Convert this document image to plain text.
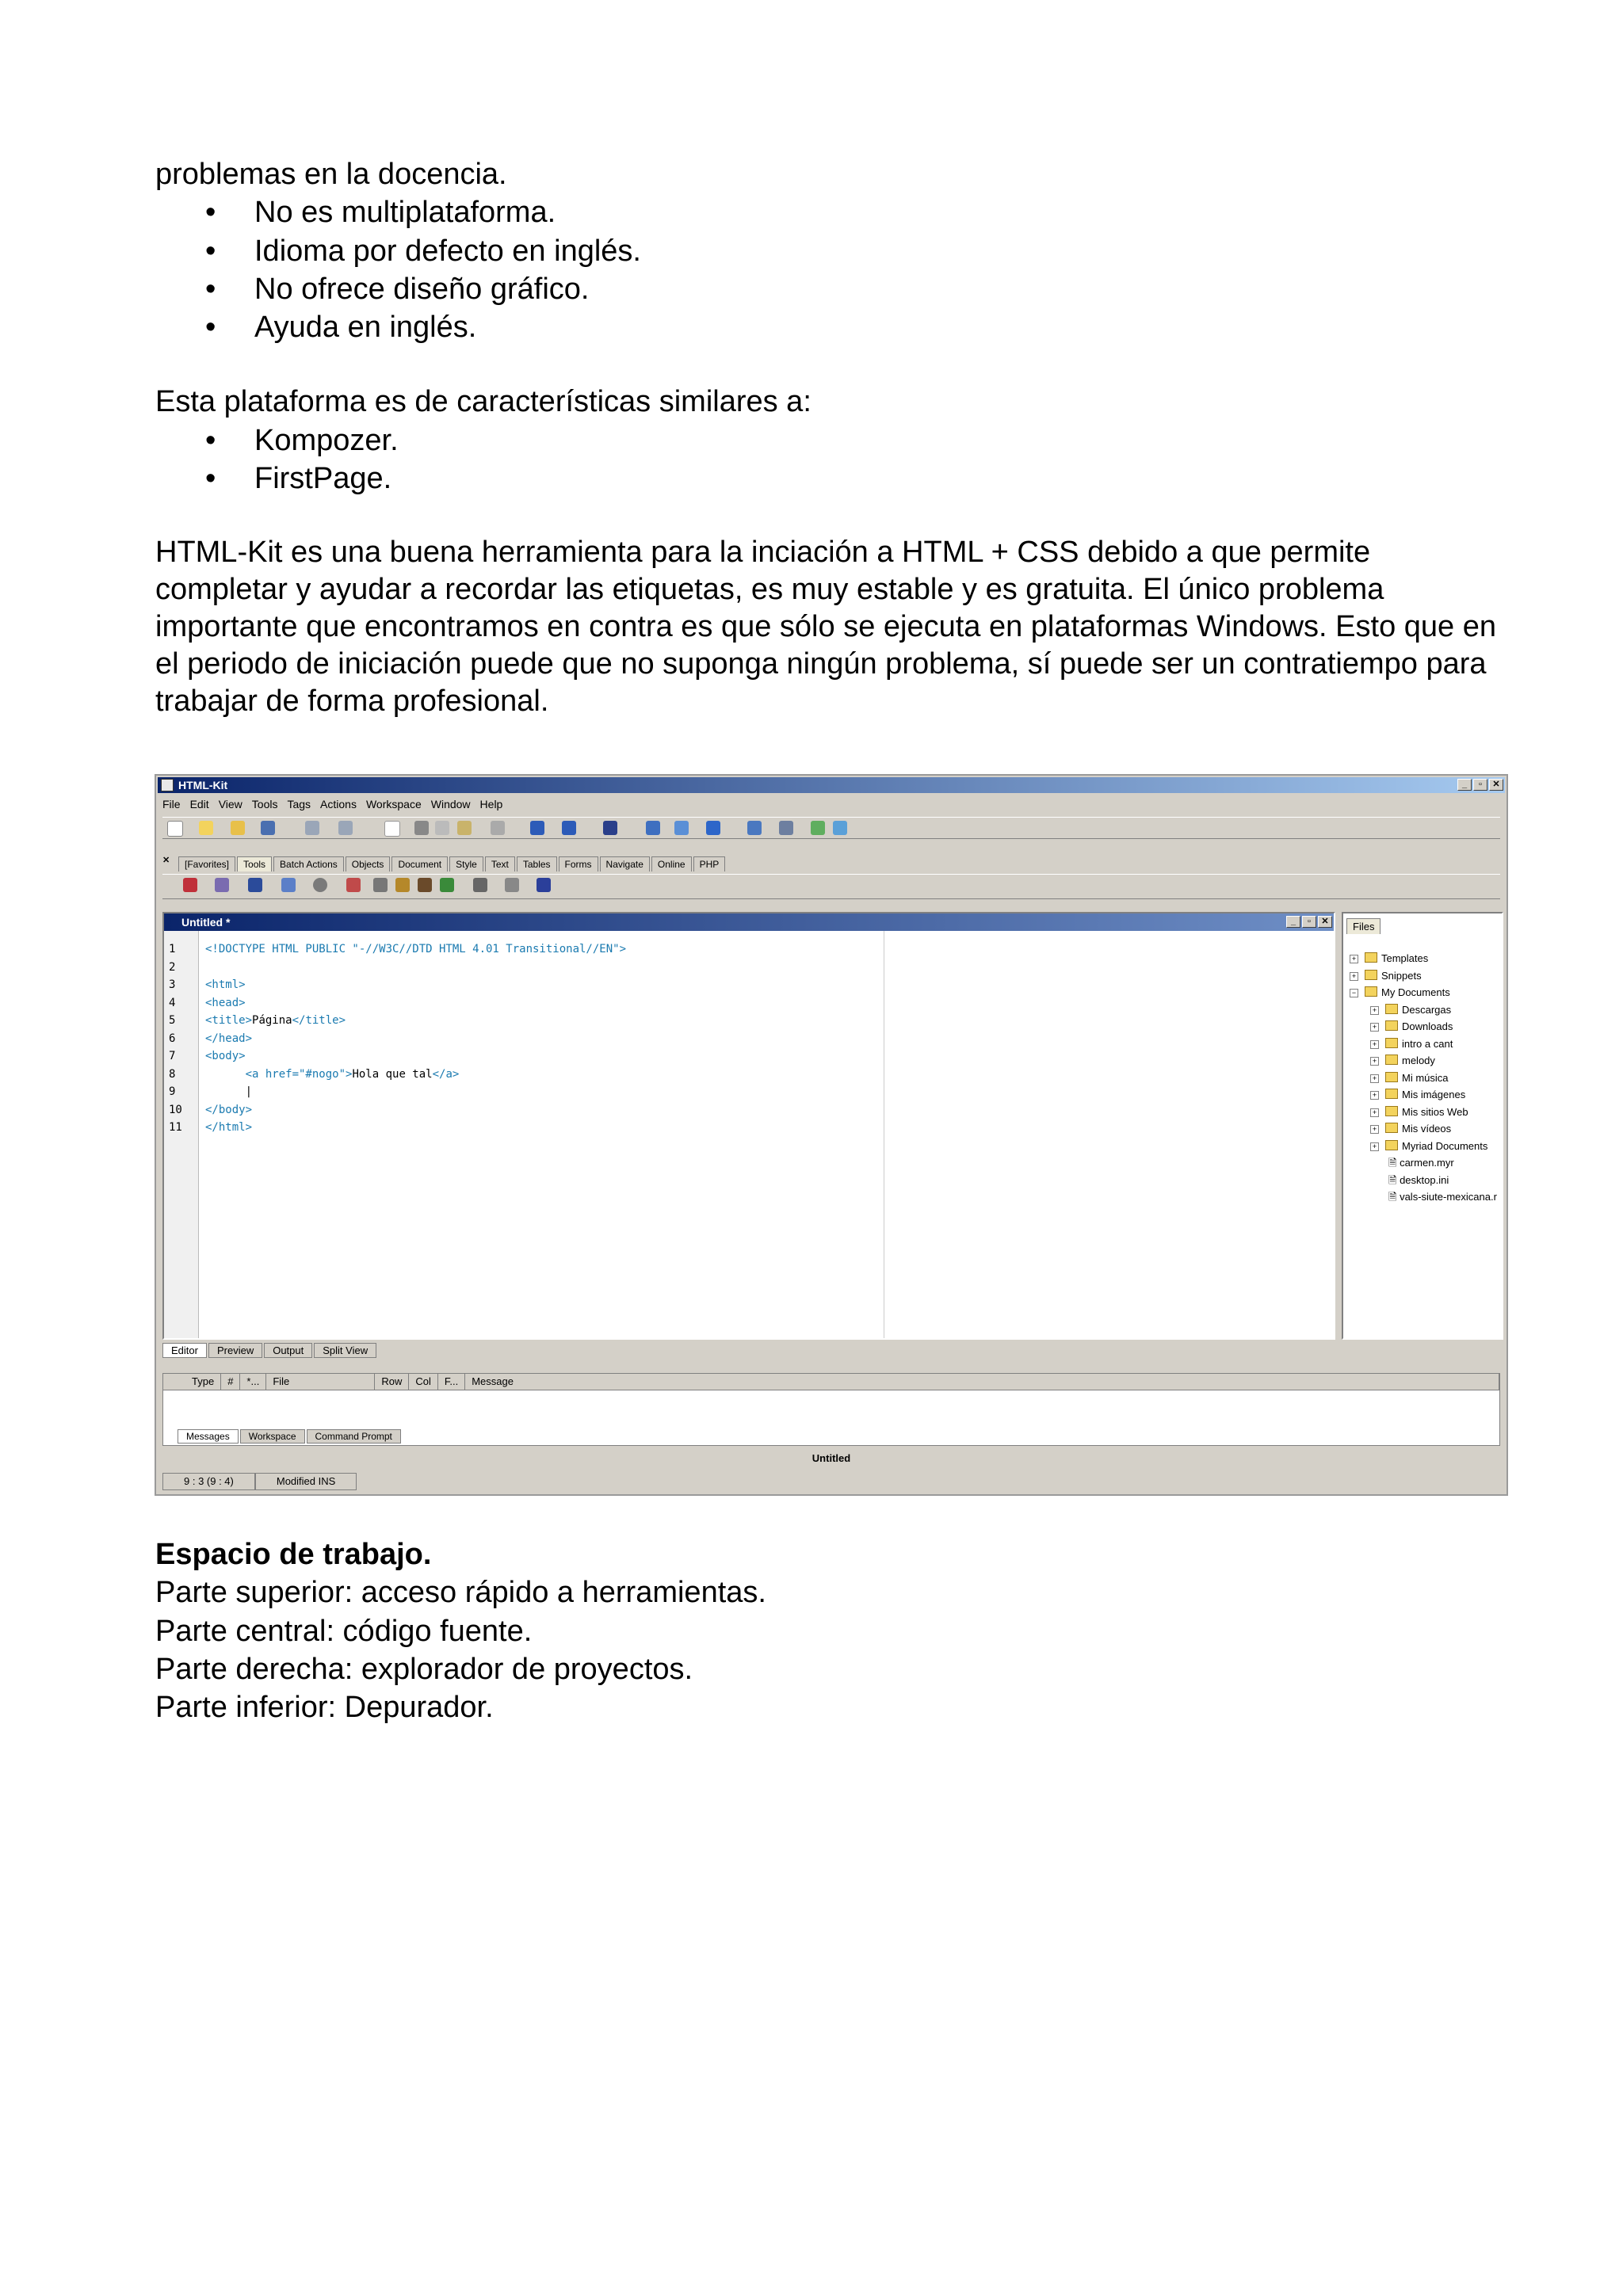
problemas en la docencia.

• No es multiplataforma.
• Idioma por defecto en inglés.
• No ofrece diseño gráfico.
• Ayuda en inglés.

Esta plataforma es de características similares a:

• Kompozer.
• FirstPage.

HTML-Kit es una buena herramienta para la inciación a HTML + CSS debido a que permite completar y ayudar a recordar las etiquetas, es muy estable y es gratuita. El único problema importante que encontramos en contra es que sólo se ejecuta en plataformas Windows. Esto que en el periodo de iniciación puede que no suponga ningún problema, sí puede ser un contratiempo para trabajar de forma profesional.

HTML-Kit	_	▫	✕
File Edit View Tools Tags Actions Workspace Window Help
✕	[Favorites]	Tools	Batch Actions	Objects	Document	Style	Text	Tables	Forms	Navigate	Online	PHP
Untitled *	_	▫	✕
1
2
3
4
5
6
7
8
9
10
11
<!DOCTYPE HTML PUBLIC "-//W3C//DTD HTML 4.01 Transitional//EN">

<html>
<head>
<title>Página</title>
</head>
<body>
<a href="#nogo">Hola que tal</a>
|
</body>
</html>
Files
+ Templates
+ Snippets
− My Documents
+ Descargas
+ Downloads
+ intro a cant
+ melody
+ Mi música
+ Mis imágenes
+ Mis sitios Web
+ Mis vídeos
+ Myriad Documents
🗎 carmen.myr
🗎 desktop.ini
🗎 vals-siute-mexicana.r
Editor	Preview	Output	Split View
Type	#	*...	File	Row	Col	F...	Message
Messages	Workspace	Command Prompt
Untitled
9 : 3 (9 : 4)	Modified INS
Espacio de trabajo.
Parte superior: acceso rápido a herramientas.
Parte central: código fuente.
Parte derecha: explorador de proyectos.
Parte inferior: Depurador.
